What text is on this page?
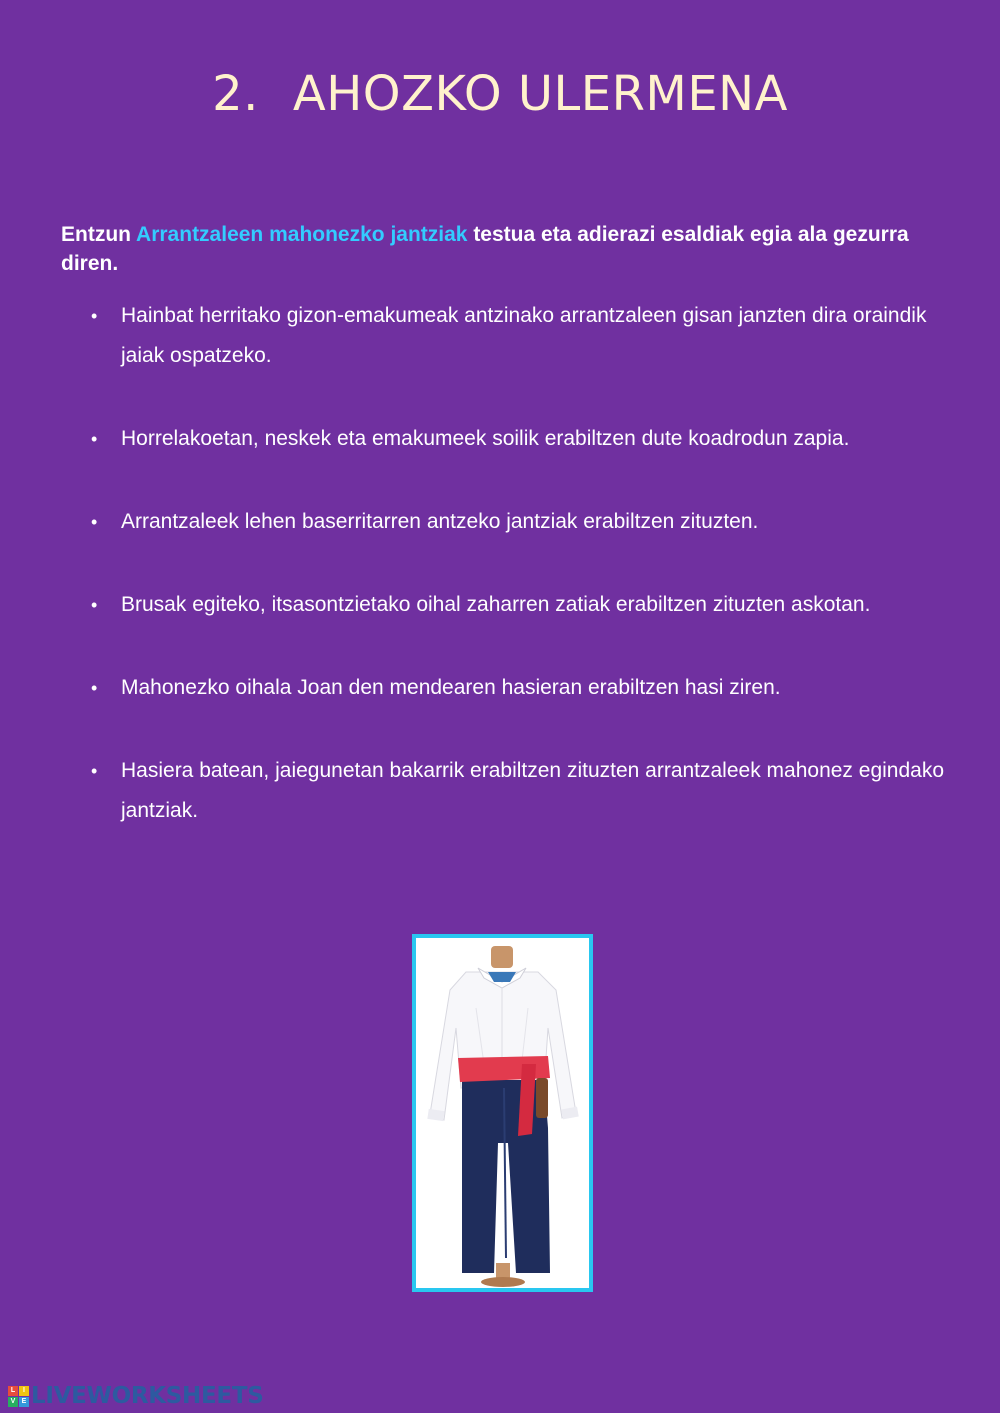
2. AHOZKO ULERMENA
Entzun Arrantzaleen mahonezko jantziak testua eta adierazi esaldiak egia ala gezurra diren.
• Hainbat herritako gizon-emakumeak antzinako arrantzaleen gisan janzten dira oraindik jaiak ospatzeko.
• Horrelakoetan, neskek eta emakumeek soilik erabiltzen dute koadrodun zapia.
• Arrantzaleek lehen baserritarren antzeko jantziak erabiltzen zituzten.
• Brusak egiteko, itsasontzietako oihal zaharren zatiak erabiltzen zituzten askotan.
• Mahonezko oihala Joan den mendearen hasieran erabiltzen hasi ziren.
• Hasiera batean, jaiegunetan bakarrik erabiltzen zituzten arrantzaleek mahonez egindako jantziak.
L	I
V E LIVEWORKSHEETS
